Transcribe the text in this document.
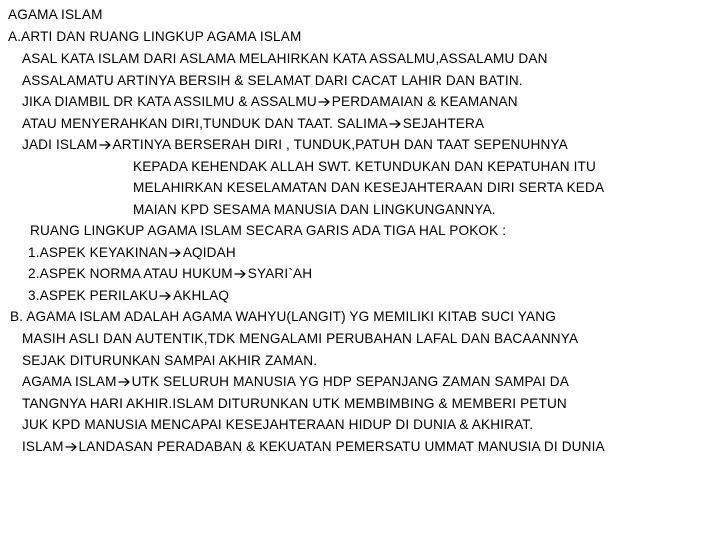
AGAMA ISLAM
A.ARTI DAN RUANG LINGKUP AGAMA ISLAM
ASAL KATA ISLAM DARI ASLAMA MELAHIRKAN KATA ASSALMU,ASSALAMU DAN
ASSALAMATU ARTINYA BERSIH & SELAMAT DARI CACAT LAHIR DAN BATIN.
JIKA DIAMBIL DR KATA ASSILMU & ASSALMU PERDAMAIAN & KEAMANAN
ATAU MENYERAHKAN DIRI,TUNDUK DAN TAAT. SALIMA SEJAHTERA
JADI ISLAM ARTINYA BERSERAH DIRI , TUNDUK,PATUH DAN TAAT SEPENUHNYA
KEPADA KEHENDAK ALLAH SWT. KETUNDUKAN DAN KEPATUHAN ITU
MELAHIRKAN KESELAMATAN DAN KESEJAHTERAAN DIRI SERTA KEDA
MAIAN KPD SESAMA MANUSIA DAN LINGKUNGANNYA.
RUANG LINGKUP AGAMA ISLAM SECARA GARIS ADA TIGA HAL POKOK :
1.ASPEK KEYAKINAN AQIDAH
2.ASPEK NORMA ATAU HUKUM SYARI`AH
3.ASPEK PERILAKU AKHLAQ
B. AGAMA ISLAM ADALAH AGAMA WAHYU(LANGIT) YG MEMILIKI KITAB SUCI YANG
MASIH ASLI DAN AUTENTIK,TDK MENGALAMI PERUBAHAN LAFAL DAN BACAANNYA
SEJAK DITURUNKAN SAMPAI AKHIR ZAMAN.
AGAMA ISLAM UTK SELURUH MANUSIA YG HDP SEPANJANG ZAMAN SAMPAI DA
TANGNYA HARI AKHIR.ISLAM DITURUNKAN UTK MEMBIMBING & MEMBERI PETUN
JUK KPD MANUSIA MENCAPAI KESEJAHTERAAN HIDUP DI DUNIA & AKHIRAT.
ISLAM LANDASAN PERADABAN & KEKUATAN PEMERSATU UMMAT MANUSIA DI DUNIA
